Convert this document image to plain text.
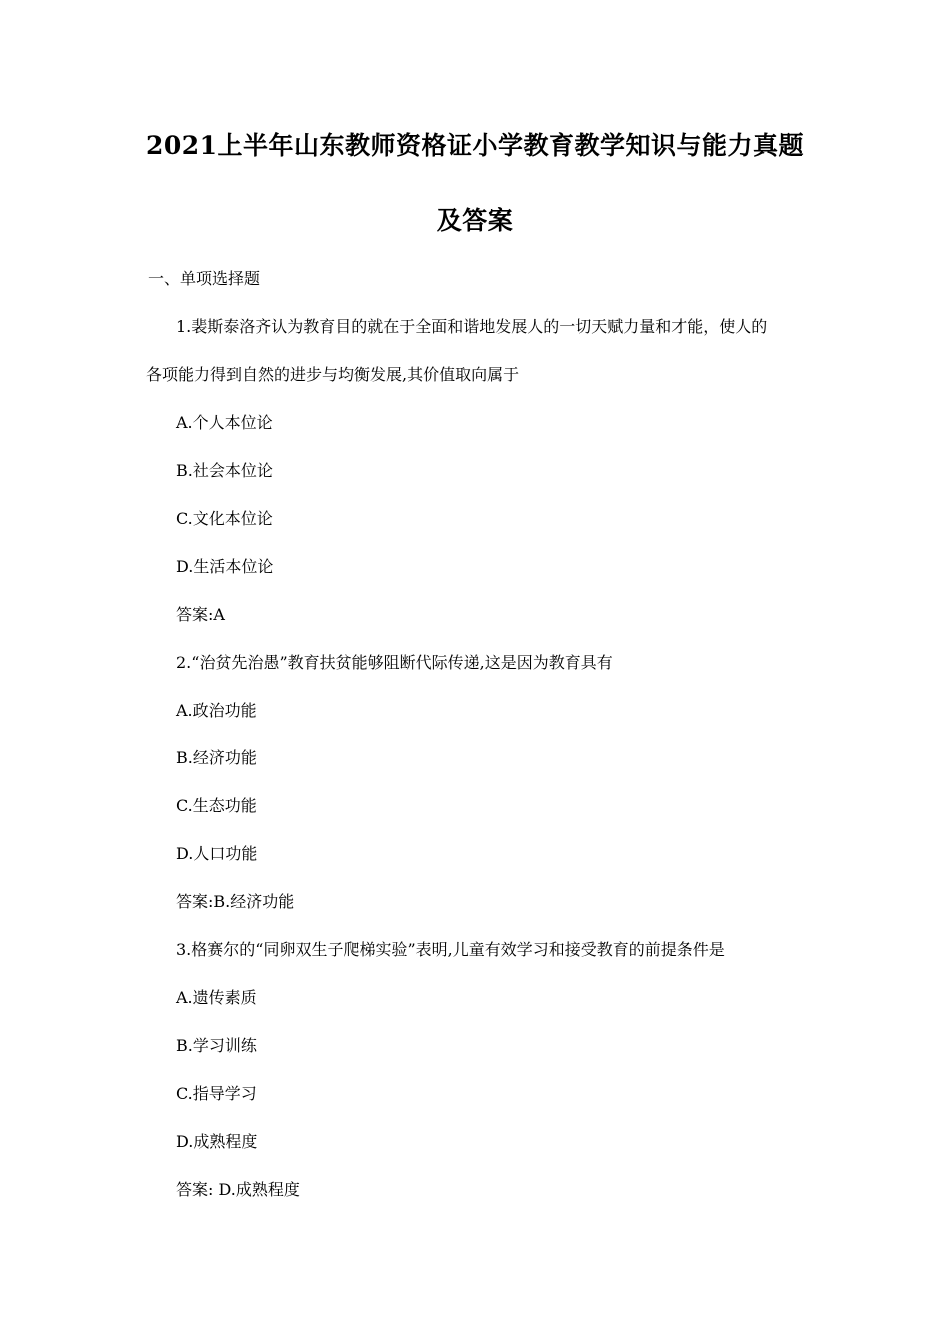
2021上半年山东教师资格证小学教育教学知识与能力真题
及答案
一、单项选择题
1.裴斯泰洛齐认为教育目的就在于全面和谐地发展人的一切天赋力量和才能，使人的
各项能力得到自然的进步与均衡发展,其价值取向属于
A.个人本位论
B.社会本位论
C.文化本位论
D.生活本位论
答案:A
2.“治贫先治愚”教育扶贫能够阻断代际传递,这是因为教育具有
A.政治功能
B.经济功能
C.生态功能
D.人口功能
答案:B.经济功能
3.格赛尔的“同卵双生子爬梯实验”表明,儿童有效学习和接受教育的前提条件是
A.遗传素质
B.学习训练
C.指导学习
D.成熟程度
答案: D.成熟程度
